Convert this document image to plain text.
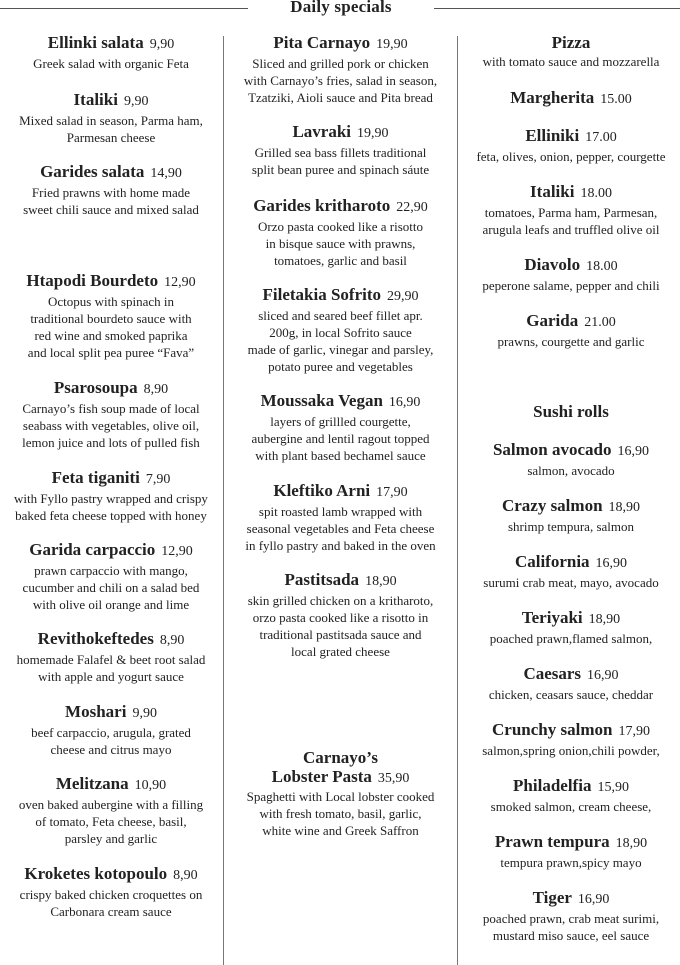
Daily specials
Ellinki salata 9,90
Greek salad with organic Feta
Italiki 9,90
Mixed salad in season, Parma ham,
Parmesan cheese
Garides salata 14,90
Fried prawns with home made
sweet chili sauce and mixed salad
Htapodi Bourdeto 12,90
Octopus with spinach in
traditional bourdeto sauce with
red wine and smoked paprika
and local split pea puree “Fava”
Psarosoupa 8,90
Carnayo’s fish soup made of local
seabass with vegetables, olive oil,
lemon juice and lots of pulled fish
Feta tiganiti 7,90
with Fyllo pastry wrapped and crispy
baked feta cheese topped with honey
Garida carpaccio 12,90
prawn carpaccio with mango,
cucumber and chili on a salad bed
with olive oil orange and lime
Revithokeftedes 8,90
homemade Falafel & beet root salad
with apple and yogurt sauce
Moshari 9,90
beef carpaccio, arugula, grated
cheese and citrus mayo
Melitzana 10,90
oven baked aubergine with a filling
of tomato, Feta cheese, basil,
parsley and garlic
Kroketes kotopoulo 8,90
crispy baked chicken croquettes on
Carbonara cream sauce
Pita Carnayo 19,90
Sliced and grilled pork or chicken
with Carnayo’s fries, salad in season,
Tzatziki, Aioli sauce and Pita bread
Lavraki 19,90
Grilled sea bass fillets traditional
split bean puree and spinach sáute
Garides kritharoto 22,90
Orzo pasta cooked like a risotto
in bisque sauce with prawns,
tomatoes, garlic and basil
Filetakia Sofrito 29,90
sliced and seared beef fillet apr.
200g, in local Sofrito sauce
made of garlic, vinegar and parsley,
potato puree and vegetables
Moussaka Vegan 16,90
layers of grillled courgette,
aubergine and lentil ragout topped
with plant based bechamel sauce
Kleftiko Arni 17,90
spit roasted lamb wrapped with
seasonal vegetables and Feta cheese
in fyllo pastry and baked in the oven
Pastitsada 18,90
skin grilled chicken on a kritharoto,
orzo pasta cooked like a risotto in
traditional pastitsada sauce and
local grated cheese
Carnayo’s
Lobster Pasta 35,90
Spaghetti with Local lobster cooked
with fresh tomato, basil, garlic,
white wine and Greek Saffron
Pizza
with tomato sauce and mozzarella
Margherita 15.00
Elliniki 17.00
feta, olives, onion, pepper, courgette
Italiki 18.00
tomatoes, Parma ham, Parmesan,
arugula leafs and truffled olive oil
Diavolo 18.00
peperone salame, pepper and chili
Garida 21.00
prawns, courgette and garlic
Sushi rolls
Salmon avocado 16,90
salmon, avocado
Crazy salmon 18,90
shrimp tempura, salmon
California 16,90
surumi crab meat, mayo, avocado
Teriyaki 18,90
poached prawn,flamed salmon,
Caesars 16,90
chicken, ceasars sauce, cheddar
Crunchy salmon 17,90
salmon,spring onion,chili powder,
Philadelfia 15,90
smoked salmon, cream cheese,
Prawn tempura 18,90
tempura prawn,spicy mayo
Tiger 16,90
poached prawn, crab meat surimi,
mustard miso sauce, eel sauce
